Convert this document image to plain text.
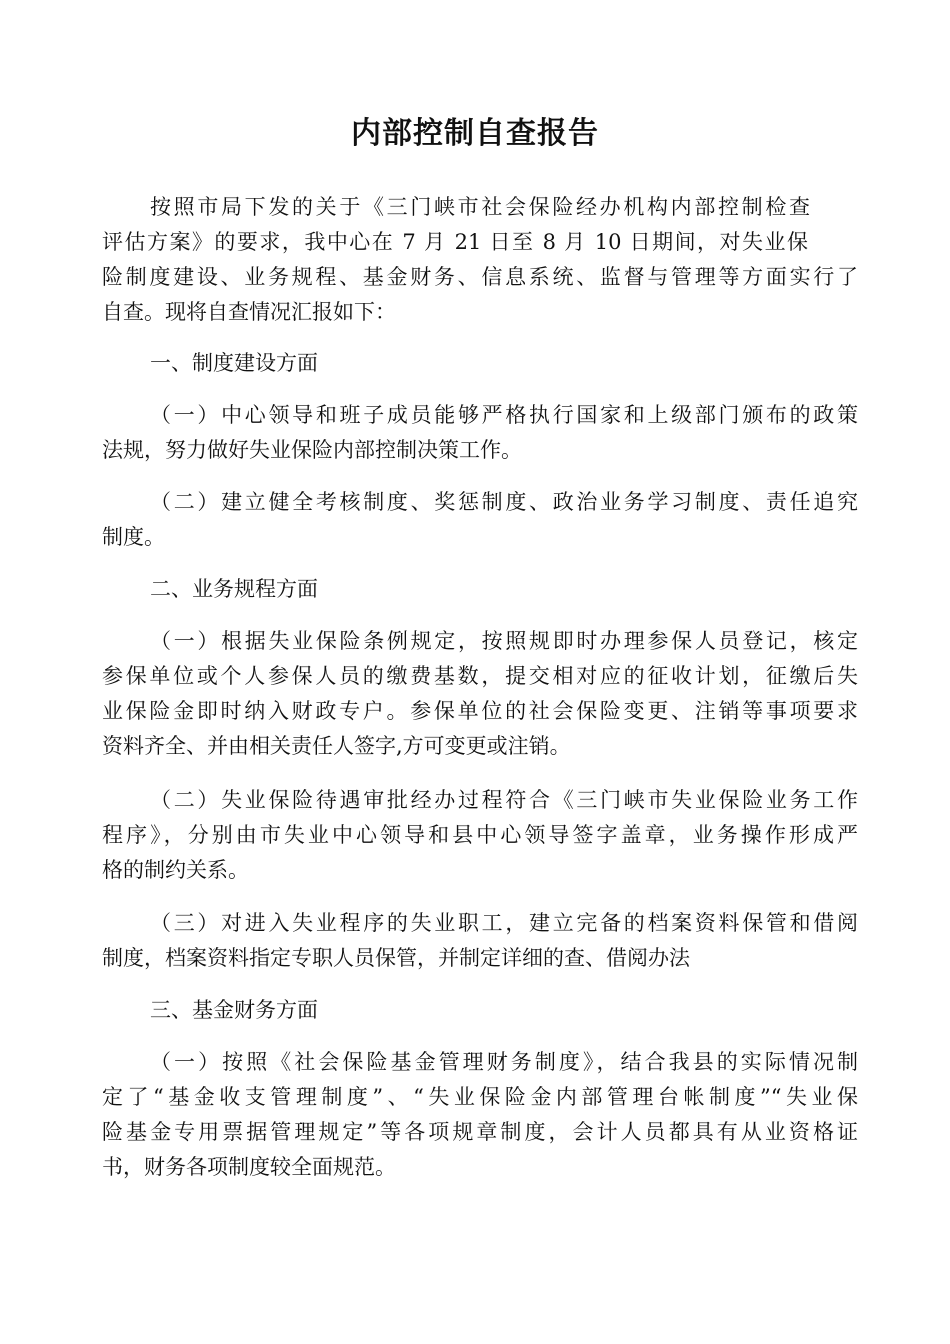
内部控制自查报告

按照市局下发的关于《三门峡市社会保险经办机构内部控制检查

评估方案》的要求，我中心在 7 月 21 日至 8 月 10 日期间，对失业保

险制度建设、业务规程、基金财务、信息系统、监督与管理等方面实行了

自查。现将自查情况汇报如下：

一、制度建设方面

（一）中心领导和班子成员能够严格执行国家和上级部门颁布的政策

法规，努力做好失业保险内部控制决策工作。

（二）建立健全考核制度、奖惩制度、政治业务学习制度、责任追究

制度。

二、业务规程方面

（一）根据失业保险条例规定，按照规即时办理参保人员登记，核定

参保单位或个人参保人员的缴费基数，提交相对应的征收计划，征缴后失

业保险金即时纳入财政专户。参保单位的社会保险变更、注销等事项要求

资料齐全、并由相关责任人签字,方可变更或注销。

（二）失业保险待遇审批经办过程符合《三门峡市失业保险业务工作

程序》，分别由市失业中心领导和县中心领导签字盖章，业务操作形成严

格的制约关系。

（三）对进入失业程序的失业职工，建立完备的档案资料保管和借阅

制度，档案资料指定专职人员保管，并制定详细的查、借阅办法

三、基金财务方面

（一）按照《社会保险基金管理财务制度》，结合我县的实际情况制

定了“基金收支管理制度”、“失业保险金内部管理台帐制度”“失业保

险基金专用票据管理规定”等各项规章制度，会计人员都具有从业资格证

书，财务各项制度较全面规范。
